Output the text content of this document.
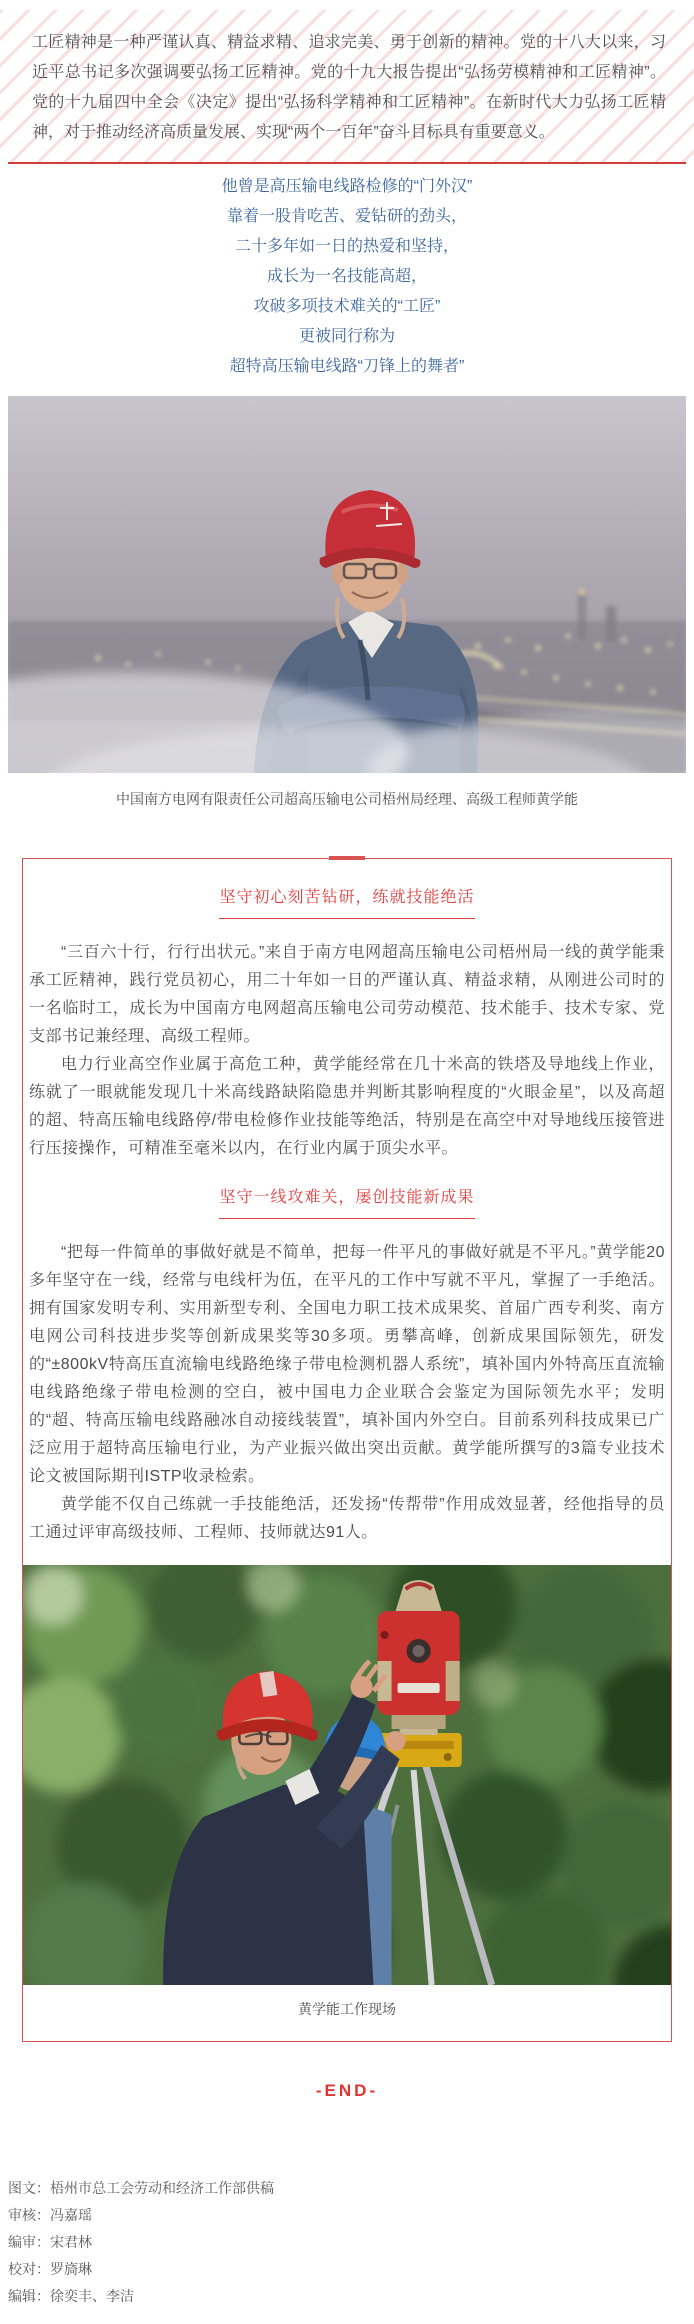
工匠精神是一种严谨认真、精益求精、追求完美、勇于创新的精神。党的十八大以来，习近平总书记多次强调要弘扬工匠精神。党的十九大报告提出“弘扬劳模精神和工匠精神”。党的十九届四中全会《决定》提出“弘扬科学精神和工匠精神”。在新时代大力弘扬工匠精神，对于推动经济高质量发展、实现“两个一百年”奋斗目标具有重要意义。
他曾是高压输电线路检修的“门外汉”
靠着一股肯吃苦、爱钻研的劲头，
二十多年如一日的热爱和坚持，
成长为一名技能高超，
攻破多项技术难关的“工匠”
更被同行称为
超特高压输电线路“刀锋上的舞者”
中国南方电网有限责任公司超高压输电公司梧州局经理、高级工程师黄学能
坚守初心刻苦钻研，练就技能绝活

“三百六十行，行行出状元。”来自于南方电网超高压输电公司梧州局一线的黄学能秉承工匠精神，践行党员初心，用二十年如一日的严谨认真、精益求精，从刚进公司时的一名临时工，成长为中国南方电网超高压输电公司劳动模范、技术能手、技术专家、党支部书记兼经理、高级工程师。

电力行业高空作业属于高危工种，黄学能经常在几十米高的铁塔及导地线上作业，练就了一眼就能发现几十米高线路缺陷隐患并判断其影响程度的“火眼金星”，以及高超的超、特高压输电线路停/带电检修作业技能等绝活，特别是在高空中对导地线压接管进行压接操作，可精准至毫米以内，在行业内属于顶尖水平。

坚守一线攻难关，屡创技能新成果

“把每一件简单的事做好就是不简单，把每一件平凡的事做好就是不平凡。”黄学能20多年坚守在一线，经常与电线杆为伍，在平凡的工作中写就不平凡，掌握了一手绝活。拥有国家发明专利、实用新型专利、全国电力职工技术成果奖、首届广西专利奖、南方电网公司科技进步奖等创新成果奖等30多项。勇攀高峰，创新成果国际领先，研发的“±800kV特高压直流输电线路绝缘子带电检测机器人系统”，填补国内外特高压直流输电线路绝缘子带电检测的空白，被中国电力企业联合会鉴定为国际领先水平；发明的“超、特高压输电线路融冰自动接线装置”，填补国内外空白。目前系列科技成果已广泛应用于超特高压输电行业，为产业振兴做出突出贡献。黄学能所撰写的3篇专业技术论文被国际期刊ISTP收录检索。

黄学能不仅自己练就一手技能绝活，还发扬“传帮带”作用成效显著，经他指导的员工通过评审高级技师、工程师、技师就达91人。

黄学能工作现场
-END-
图文：梧州市总工会劳动和经济工作部供稿
审核：冯嘉瑶
编审：宋君林
校对：罗旖琳
编辑：徐奕丰、李洁
